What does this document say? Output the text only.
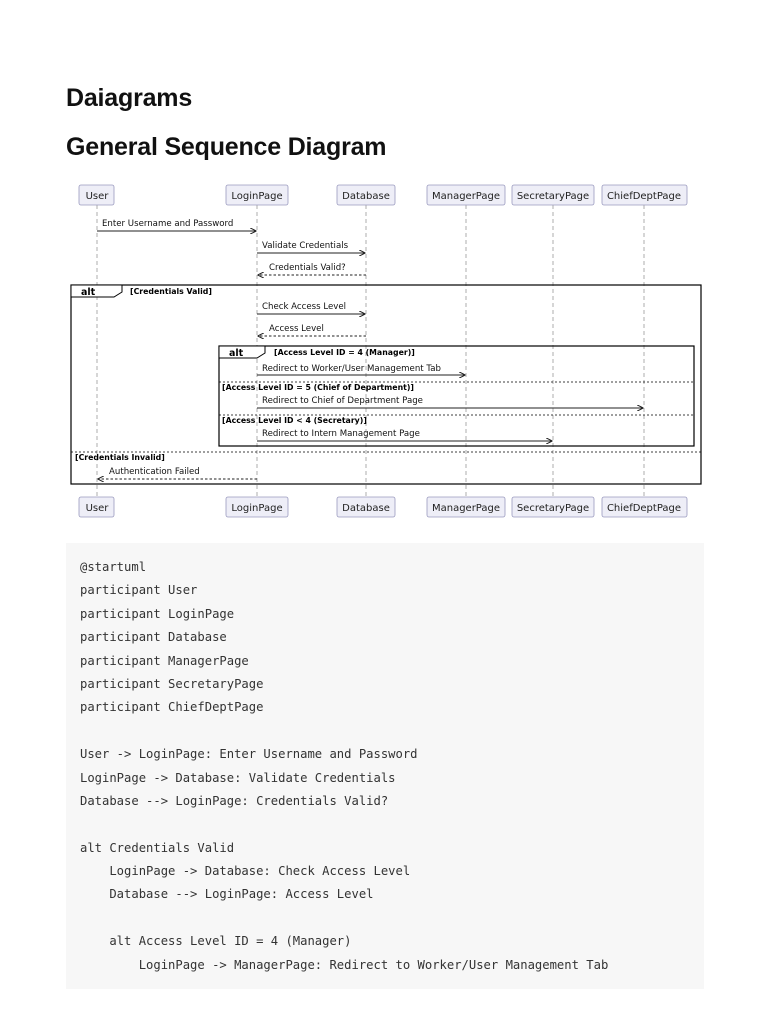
Daiagrams
General Sequence Diagram
User	LoginPage	Database	ManagerPage SecretaryPage ChiefDeptPage
Enter Username and Password
Validate Credentials
Credentials Valid?
alt	[Credentials Valid]
Check Access Level
Access Level
alt	[Access Level ID = 4 (Manager)]
Redirect to Worker/User Management Tab
[Access Level ID = 5 (Chief of Department)]
Redirect to Chief of Department Page
[Access Level ID < 4 (Secretary)]
Redirect to Intern Management Page
[Credentials Invalid]
Authentication Failed
User	LoginPage	Database	ManagerPage SecretaryPage ChiefDeptPage
@startuml
participant User
participant LoginPage
participant Database
participant ManagerPage
participant SecretaryPage
participant ChiefDeptPage
User -> LoginPage: Enter Username and Password
LoginPage -> Database: Validate Credentials
Database --> LoginPage: Credentials Valid?
alt Credentials Valid
LoginPage -> Database: Check Access Level
Database --> LoginPage: Access Level
alt Access Level ID = 4 (Manager)
LoginPage -> ManagerPage: Redirect to Worker/User Management Tab
